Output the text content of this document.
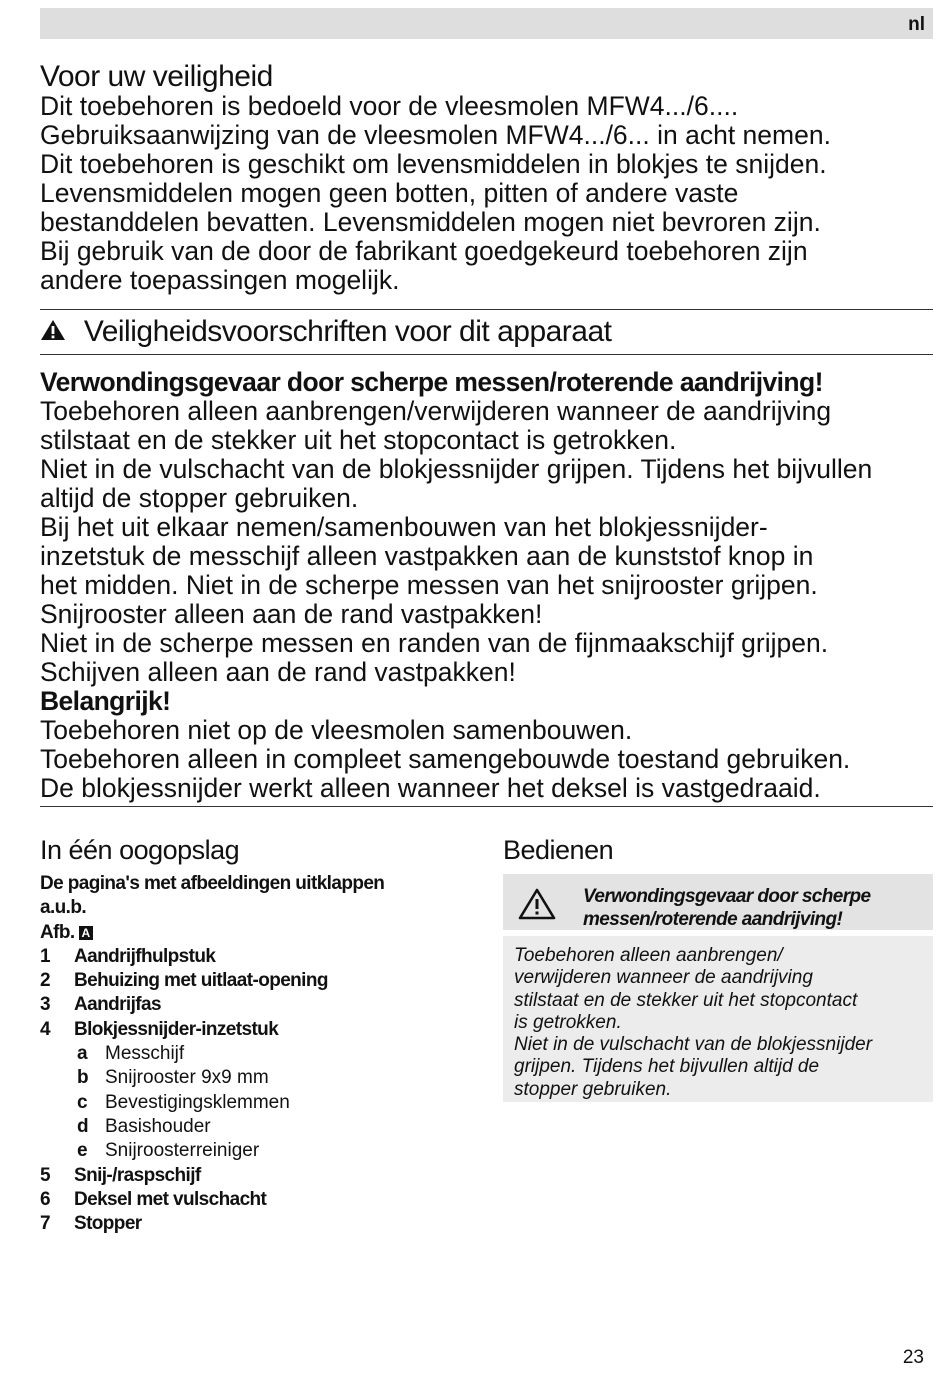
nl
Voor uw veiligheid

Dit toebehoren is bedoeld voor de vleesmolen MFW4.../6....

Gebruiksaanwijzing van de vleesmolen MFW4.../6... in acht nemen.

Dit toebehoren is geschikt om levensmiddelen in blokjes te snijden.

Levensmiddelen mogen geen botten, pitten of andere vaste

bestanddelen bevatten. Levensmiddelen mogen niet bevroren zijn.

Bij gebruik van de door de fabrikant goedgekeurd toebehoren zijn

andere toepassingen mogelijk.

Veiligheidsvoorschriften voor dit apparaat

Verwondingsgevaar door scherpe messen/roterende aandrijving!

Toebehoren alleen aanbrengen/verwijderen wanneer de aandrijving

stilstaat en de stekker uit het stopcontact is getrokken.

Niet in de vulschacht van de blokjessnijder grijpen. Tijdens het bijvullen

altijd de stopper gebruiken.

Bij het uit elkaar nemen/samenbouwen van het blokjessnijder-

inzetstuk de messchijf alleen vastpakken aan de kunststof knop in

het midden. Niet in de scherpe messen van het snijrooster grijpen.

Snijrooster alleen aan de rand vastpakken!

Niet in de scherpe messen en randen van de fijnmaakschijf grijpen.

Schijven alleen aan de rand vastpakken!

Belangrijk!

Toebehoren niet op de vleesmolen samenbouwen.

Toebehoren alleen in compleet samengebouwde toestand gebruiken.

De blokjessnijder werkt alleen wanneer het deksel is vastgedraaid.

In één oogopslag
De pagina's met afbeeldingen uitklappen
a.u.b.
Afb. A
1	Aandrijfhulpstuk
2	Behuizing met uitlaat-opening
3	Aandrijfas
4	Blokjessnijder-inzetstuk
a Messchijf
b Snijrooster 9x9 mm
c Bevestigingsklemmen
d Basishouder
e Snijroosterreiniger
5	Snij-/raspschijf
6	Deksel met vulschacht
7	Stopper
Bedienen
Verwondingsgevaar door scherpe
messen/roterende aandrijving!
Toebehoren alleen aanbrengen/
verwijderen wanneer de aandrijving
stilstaat en de stekker uit het stopcontact
is getrokken.
Niet in de vulschacht van de blokjessnijder
grijpen. Tijdens het bijvullen altijd de
stopper gebruiken.
23
